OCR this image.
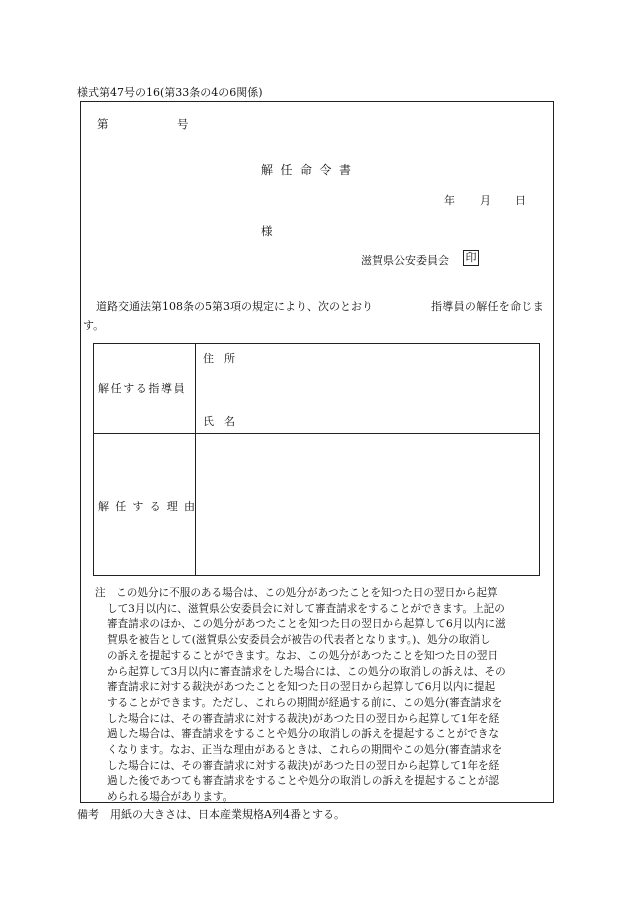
様式第47号の16(第33条の4の6関係)
第	号
解任命令書
年 月 日
様
滋賀県公安委員会 印
道路交通法第108条の5第3項の規定により、次のとおり	指導員の解任を命じま
す。
解任する指導員
住所
氏名
解任する理由
注　この処分に不服のある場合は、この処分があつたことを知つた日の翌日から起算
して3月以内に、滋賀県公安委員会に対して審査請求をすることができます。上記の
審査請求のほか、この処分があつたことを知つた日の翌日から起算して6月以内に滋
賀県を被告として(滋賀県公安委員会が被告の代表者となります。)、処分の取消し
の訴えを提起することができます。なお、この処分があつたことを知つた日の翌日
から起算して3月以内に審査請求をした場合には、この処分の取消しの訴えは、その
審査請求に対する裁決があつたことを知つた日の翌日から起算して6月以内に提起
することができます。ただし、これらの期間が経過する前に、この処分(審査請求を
した場合には、その審査請求に対する裁決)があつた日の翌日から起算して1年を経
過した場合は、審査請求をすることや処分の取消しの訴えを提起することができな
くなります。なお、正当な理由があるときは、これらの期間やこの処分(審査請求を
した場合には、その審査請求に対する裁決)があつた日の翌日から起算して1年を経
過した後であつても審査請求をすることや処分の取消しの訴えを提起することが認
められる場合があります。
備考　用紙の大きさは、日本産業規格A列4番とする。
